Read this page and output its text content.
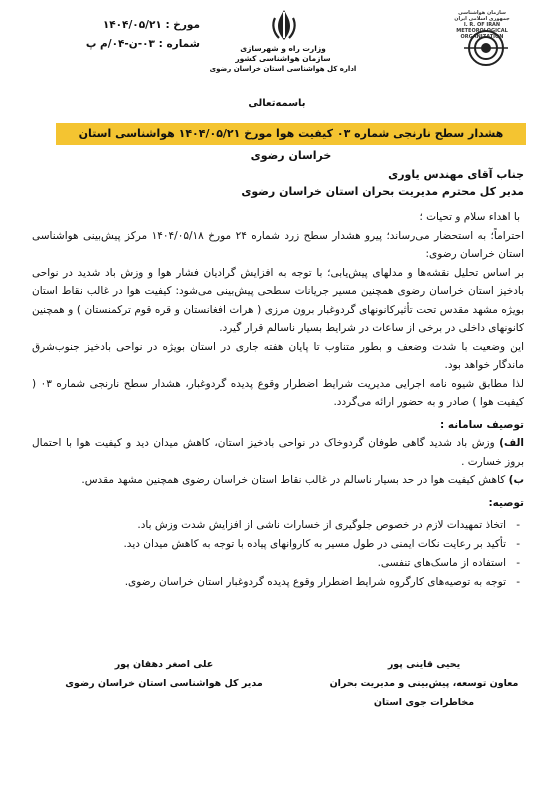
مورخ : ۱۴۰۴/۰۵/۲۱
شماره : ۰۳-ن-۰۴/م پ	وزارت راه و شهرسازی
سازمان هواشناسی کشور
اداره کل هواشناسی استان خراسان رضوی
سازمان هواشناسی
جمهوری اسلامی ایران
I. R. OF IRAN
METEOROLOGICAL
ORGANIZATION
باسمه‌تعالی
هشدار سطح نارنجی شماره ۰۳ کیفیت هوا مورخ ۱۴۰۴/۰۵/۲۱ هواشناسی استان خراسان رضوی

جناب آقای مهندس یاوری

مدیر کل محترم مدیریت بحران استان خراسان رضوی

با اهداء سلام و تحیات ؛

احتراماً؛ به استحضار می‌رساند؛ پیرو هشدار سطح زرد شماره ۲۴ مورخ ۱۴۰۴/۰۵/۱۸ مرکز پیش‌بینی هواشناسی استان خراسان رضوی:

بر اساس تحلیل نقشه‌ها و مدلهای پیش‌یابی؛ با توجه به افزایش گرادیان فشار هوا و وزش باد شدید در نواحی بادخیز استان خراسان رضوی همچنین مسیر جریانات سطحی پیش‌بینی می‌شود: کیفیت هوا در غالب نقاط استان بویژه مشهد مقدس تحت تأثیرکانونهای گردوغبار برون مرزی ( هرات افغانستان و قره قوم ترکمنستان ) و همچنین کانونهای داخلی در برخی از ساعات در شرایط بسیار ناسالم قرار گیرد.

این وضعیت با شدت وضعف و بطور متناوب تا پایان هفته جاری در استان بویژه در نواحی بادخیز جنوب‌شرق ماندگار خواهد بود.

لذا مطابق شیوه نامه اجرایی مدیریت شرایط اضطرار وقوع پدیده گردوغبار، هشدار سطح نارنجی شماره ۰۳ ( کیفیت هوا ) صادر و به حضور ارائه می‌گردد.

توصیف سامانه :

الف) وزش باد شدید گاهی طوفان گردوخاک در نواحی بادخیز استان، کاهش میدان دید و کیفیت هوا با احتمال بروز خسارت .

ب) کاهش کیفیت هوا در حد بسیار ناسالم در غالب نقاط استان خراسان رضوی همچنین مشهد مقدس.

توصیه:

- اتخاذ تمهیدات لازم در خصوص جلوگیری از خسارات ناشی از افزایش شدت وزش باد.
- تأکید بر رعایت نکات ایمنی در طول مسیر به کاروانهای پیاده با توجه به کاهش میدان دید.
- استفاده از ماسک‌های تنفسی.
- توجه به توصیه‌های کارگروه شرایط اضطرار وقوع پدیده گردوغبار استان خراسان رضوی.
یحیی قاینی پور
معاون توسعه، پیش‌بینی و مدیریت بحران
مخاطرات جوی استان
علی اصغر دهقان پور
مدیر کل هواشناسی استان خراسان رضوی
